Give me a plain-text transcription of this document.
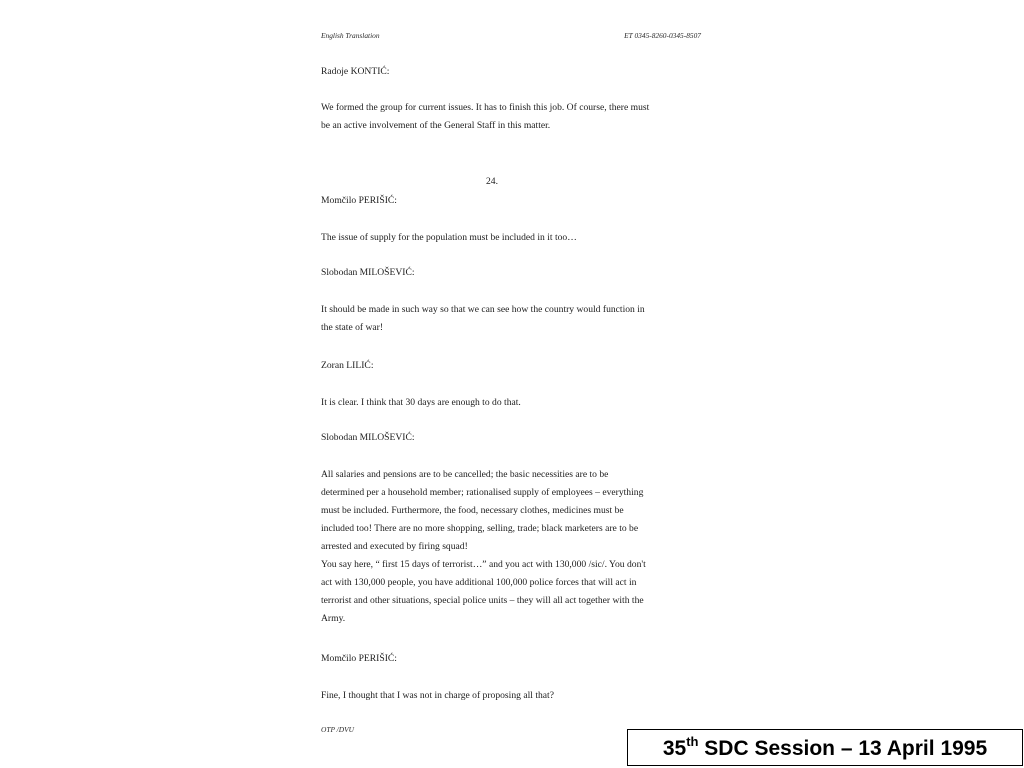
English Translation	ET 0345-8260-0345-8507
Radoje KONTIĆ:
We formed the group for current issues. It has to finish this job. Of course, there must
be an active involvement of the General Staff in this matter.
24.
Momčilo PERIŠIĆ:
The issue of supply for the population must be included in it too…
Slobodan MILOŠEVIĆ:
It should be made in such way so that we can see how the country would function in
the state of war!
Zoran LILIĆ:
It is clear. I think that 30 days are enough to do that.
Slobodan MILOŠEVIĆ:
All salaries and pensions are to be cancelled; the basic necessities are to be
determined per a household member; rationalised supply of employees – everything
must be included. Furthermore, the food, necessary clothes, medicines must be
included too! There are no more shopping, selling, trade; black marketers are to be
arrested and executed by firing squad!
You say here, “ first 15 days of terrorist…” and you act with 130,000 /sic/. You don't
act with 130,000 people, you have additional 100,000 police forces that will act in
terrorist and other situations, special police units – they will all act together with the
Army.
Momčilo PERIŠIĆ:
Fine, I thought that I was not in charge of proposing all that?
OTP /DVU
35th SDC Session – 13 April 1995
